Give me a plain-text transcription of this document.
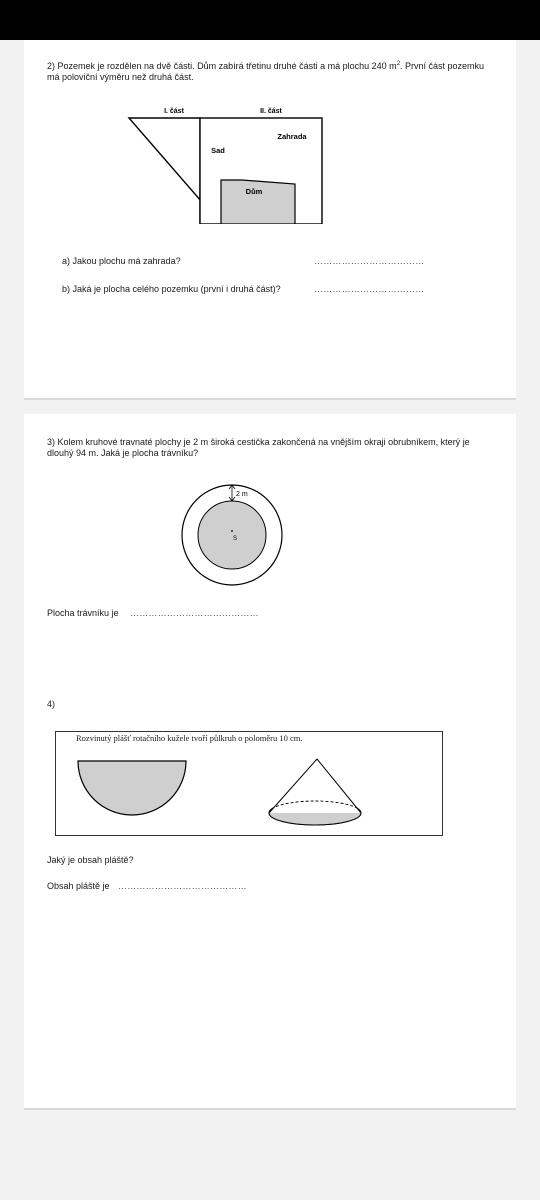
2) Pozemek je rozdělen na dvě části. Dům zabírá třetinu druhé části a má plochu 240 $m^2$. První část pozemku má poloviční výměru než druhá část.
I. část	II. část
Sad
Zahrada
Dům
a) Jakou plochu má zahrada?	………………………………
b) Jaká je plocha celého pozemku (první i druhá část)?	………………………………
3) Kolem kruhové travnaté plochy je 2 m široká cestička zakončená na vnějším okraji obrubníkem, který je dlouhý 94 m. Jaká je plocha trávníku?
2 m
S
Plocha trávníku je ……………………………………
4)
Rozvinutý plášť rotačního kužele tvoří půlkruh o poloměru 10 cm.
Jaký je obsah pláště?
Obsah pláště je ……………………………………
